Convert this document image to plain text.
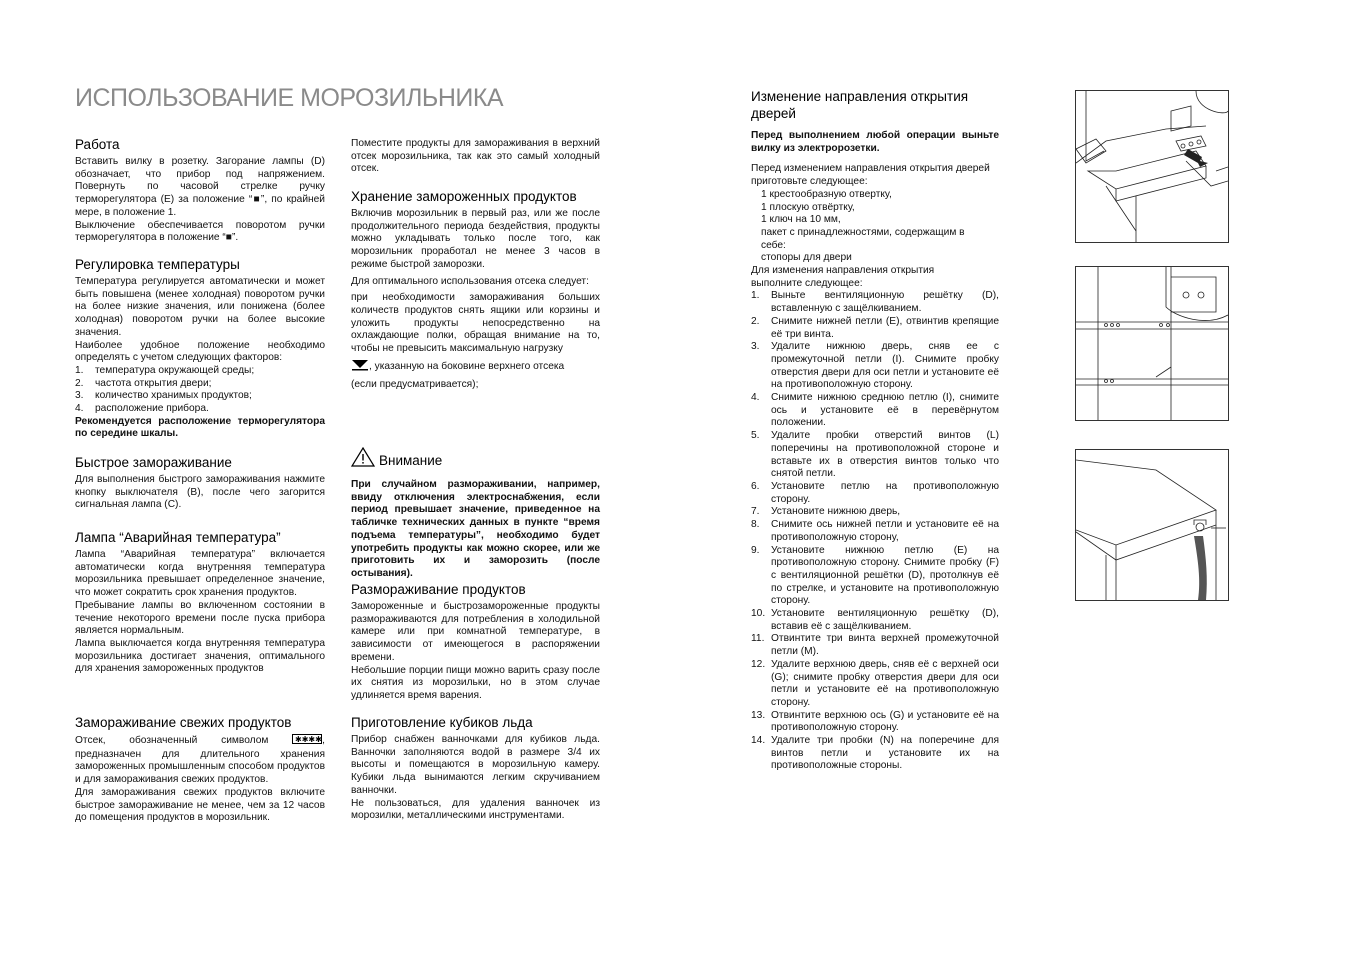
ИСПОЛЬЗОВАНИЕ МОРОЗИЛЬНИКА
Работа

Вставить вилку в розетку. Загорание лампы (D) обозначает, что прибор под напряжением. Повернуть по часовой стрелке ручку терморегулятора (E) за положение “■”, по крайней мере, в положение 1.

Выключение обеспечивается поворотом ручки терморегулятора в положение “■”.

Регулировка температуры

Температура регулируется автоматически и может быть повышена (менее холодная) поворотом ручки на более низкие значения, или понижена (более холодная) поворотом ручки на более высокие значения.

Наиболее удобное положение необходимо определять с учетом следующих факторов:

1.	температура окружающей среды;
2.	частота открытия двери;
3.	количество хранимых продуктов;
4.	расположение прибора.

Рекомендуется расположение терморегулятора по середине шкалы.

Быстрое замораживание

Для выполнения быстрого замораживания нажмите кнопку выключателя (B), после чего загорится сигнальная лампа (C).

Лампа “Аварийная температура”

Лампа “Аварийная температура” включается автоматически когда внутренняя температура морозильника превышает определенное значение, что может сократить срок хранения продуктов.

Пребывание лампы во включенном состоянии в течение некоторого времени после пуска прибора является нормальным.

Лампа выключается когда внутренняя температура морозильника достигает значения, оптимального для хранения замороженных продуктов

Замораживание свежих продуктов

Отсек, обозначенный символом	✱✱✱✱ , предназначен для длительного хранения замороженных промышленным способом продуктов и для замораживания свежих продуктов.

Для замораживания свежих продуктов включите быстрое замораживание не менее, чем за 12 часов до помещения продуктов в морозильник.

Поместите продукты для замораживания в верхний отсек морозильника, так как это самый холодный отсек.

Хранение замороженных продуктов

Включив морозильник в первый раз, или же после продолжительного периода бездействия, продукты можно укладывать только после того, как морозильник проработал не менее 3 часов в режиме быстрой заморозки.

Для оптимального использования отсека следует:

при необходимости замораживания больших количеств продуктов снять ящики или корзины и уложить продукты непосредственно на охлаждающие полки, обращая внимание на то, чтобы не превысить максимальную нагрузку

, указанную на боковине верхнего отсека

(если предусматривается);

Внимание

При случайном размораживании, например, ввиду отключения электроснабжения, если период превышает значение, приведенное на табличке технических данных в пункте “время подъема температуры”, необходимо будет употребить продукты как можно скорее, или же приготовить их и заморозить (после остывания).

Размораживание продуктов

Замороженные и быстрозамороженные продукты размораживаются для потребления в холодильной камере или при комнатной температуре, в зависимости от имеющегося в распоряжении времени.

Небольшие порции пищи можно варить сразу после их снятия из морозильки, но в этом случае удлиняется время варения.

Приготовление кубиков льда

Прибор снабжен ванночками для кубиков льда. Ванночки заполняются водой в размере 3/4 их высоты и помещаются в морозильную камеру. Кубики льда вынимаются легким скручиванием ванночки.

Не пользоваться, для удаления ванночек из морозилки, металлическими инструментами.

Изменение направления открытия дверей

Перед выполнением любой операции выньте вилку из электророзетки.

Перед изменением направления открытия дверей приготовьте следующее:

1 крестообразную отвертку,

1 плоскую отвёртку,

1 ключ на 10 мм,

пакет с принадлежностями, содержащим в себе:

стопоры для двери

Для изменения направления открытия выполните следующее:

1.	Выньте вентиляционную решётку (D), вставленную с защёлкиванием.
2.	Снимите нижней петли (E), отвинтив крепящие её три винта.
3.	Удалите нижнюю дверь, сняв ее с промежуточной петли (I). Снимите пробку отверстия двери для оси петли и установите её на противоположную сторону.
4.	Снимите нижнюю среднюю петлю (I), снимите ось и установите её в перевёрнутом положении.
5.	Удалите пробки отверстий винтов (L) поперечины на противоположной стороне и вставьте их в отверстия винтов только что снятой петли.
6.	Установите петлю на противоположную сторону.
7.	Установите нижнюю дверь,
8.	Снимите ось нижней петли и установите её на противоположную сторону,
9.	Установите нижнюю петлю (E) на противоположную сторону. Снимите пробку (F) с вентиляционной решётки (D), протолкнув её по стрелке, и установите на противоположную сторону.
10. Установите вентиляционную решётку (D), вставив её с защёлкиванием.
11. Отвинтите три винта верхней промежуточной петли (M).
12. Удалите верхнюю дверь, сняв её с верхней оси (G); снимите пробку отверстия двери для оси петли и установите её на противоположную сторону.
13. Отвинтите верхнюю ось (G) и установите её на противоположную сторону.
14. Удалите три пробки (N) на поперечине для винтов петли и установите их на противоположные стороны.
